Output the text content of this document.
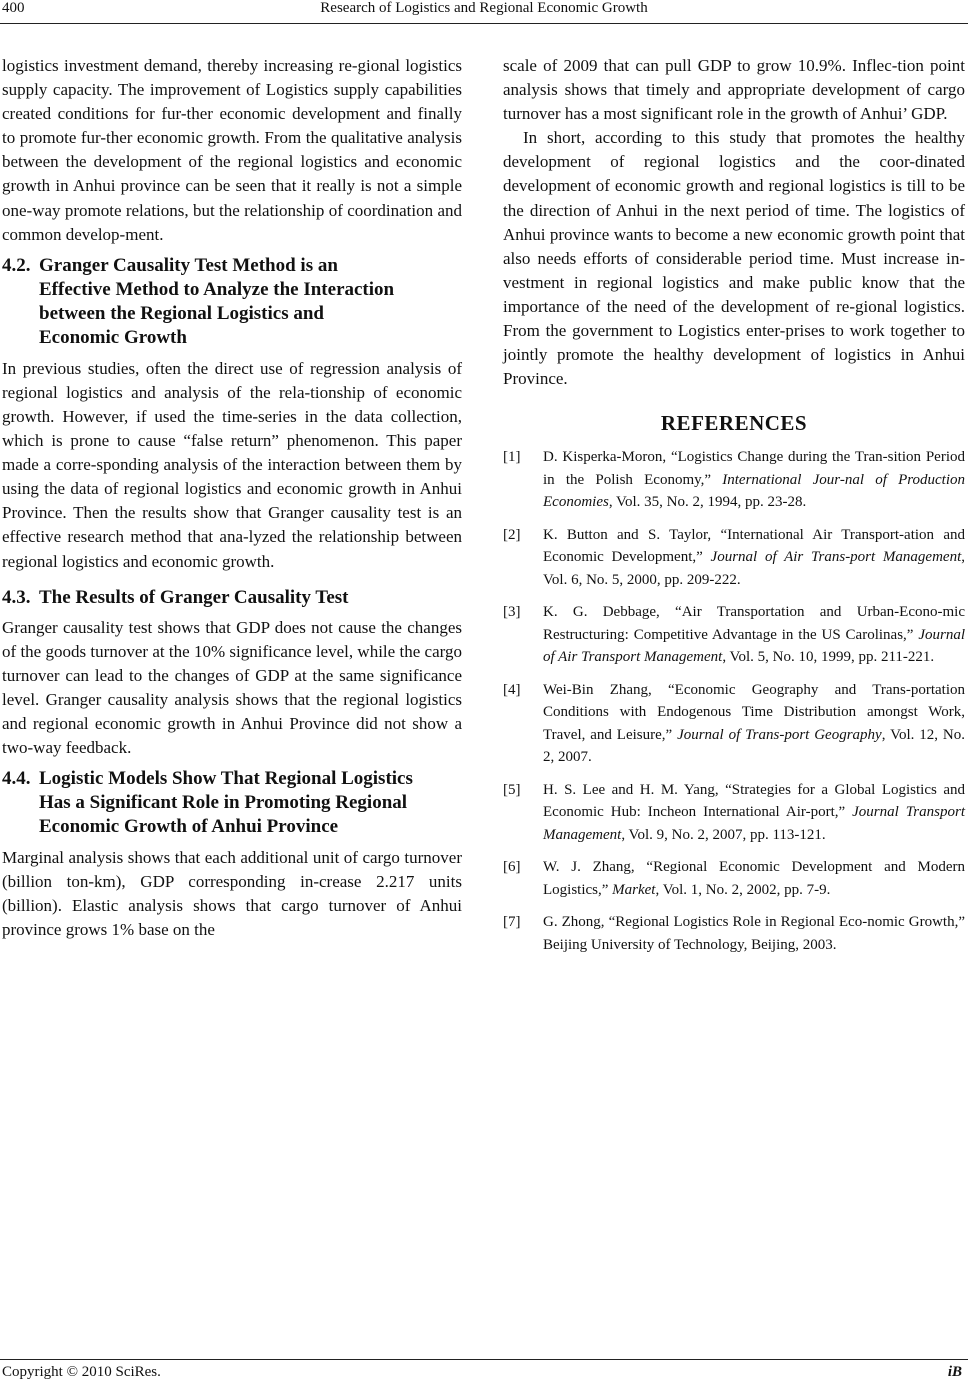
400	Research of Logistics and Regional Economic Growth

logistics investment demand, thereby increasing re-gional logistics supply capacity. The improvement of Logistics supply capabilities created conditions for fur-ther economic development and finally to promote fur-ther economic growth. From the qualitative analysis between the development of the regional logistics and economic growth in Anhui province can be seen that it really is not a simple one-way promote relations, but the relationship of coordination and common develop-ment.

4.2. Granger Causality Test Method is an Effective Method to Analyze the Interaction between the Regional Logistics and Economic Growth

In previous studies, often the direct use of regression analysis of regional logistics and analysis of the rela-tionship of economic growth. However, if used the time-series in the data collection, which is prone to cause “false return” phenomenon. This paper made a corre-sponding analysis of the interaction between them by using the data of regional logistics and economic growth in Anhui Province. Then the results show that Granger causality test is an effective research method that ana-lyzed the relationship between regional logistics and economic growth.

4.3. The Results of Granger Causality Test

Granger causality test shows that GDP does not cause the changes of the goods turnover at the 10% significance level, while the cargo turnover can lead to the changes of GDP at the same significance level. Granger causality analysis shows that the regional logistics and regional economic growth in Anhui Province did not show a two-way feedback.

4.4. Logistic Models Show That Regional Logistics Has a Significant Role in Promoting Regional Economic Growth of Anhui Province

Marginal analysis shows that each additional unit of cargo turnover (billion ton-km), GDP corresponding in-crease 2.217 units (billion). Elastic analysis shows that cargo turnover of Anhui province grows 1% base on the

scale of 2009 that can pull GDP to grow 10.9%. Inflec-tion point analysis shows that timely and appropriate development of cargo turnover has a most significant role in the growth of Anhui’ GDP.

In short, according to this study that promotes the healthy development of regional logistics and the coor-dinated development of economic growth and regional logistics is till to be the direction of Anhui in the next period of time. The logistics of Anhui province wants to become a new economic growth point that also needs efforts of considerable period time. Must increase in-vestment in regional logistics and make public know that the importance of the need of the development of re-gional logistics. From the government to Logistics enter-prises to work together to jointly promote the healthy development of logistics in Anhui Province.

REFERENCES

[1]	D. Kisperka-Moron, “Logistics Change during the Tran-sition Period in the Polish Economy,” International Jour-nal of Production Economies, Vol. 35, No. 2, 1994, pp. 23-28.
[2]	K. Button and S. Taylor, “International Air Transport-ation and Economic Development,” Journal of Air Trans-port Management, Vol. 6, No. 5, 2000, pp. 209-222.
[3]	K. G. Debbage, “Air Transportation and Urban-Econo-mic Restructuring: Competitive Advantage in the US Carolinas,” Journal of Air Transport Management, Vol. 5, No. 10, 1999, pp. 211-221.
[4]	Wei-Bin Zhang, “Economic Geography and Trans-portation Conditions with Endogenous Time Distribution amongst Work, Travel, and Leisure,” Journal of Trans-port Geography, Vol. 12, No. 2, 2007.
[5]	H. S. Lee and H. M. Yang, “Strategies for a Global Logistics and Economic Hub: Incheon International Air-port,” Journal Transport Management, Vol. 9, No. 2, 2007, pp. 113-121.
[6]	W. J. Zhang, “Regional Economic Development and Modern Logistics,” Market, Vol. 1, No. 2, 2002, pp. 7-9.
[7]	G. Zhong, “Regional Logistics Role in Regional Eco-nomic Growth,” Beijing University of Technology, Beijing, 2003.
Copyright © 2010 SciRes.	iB
